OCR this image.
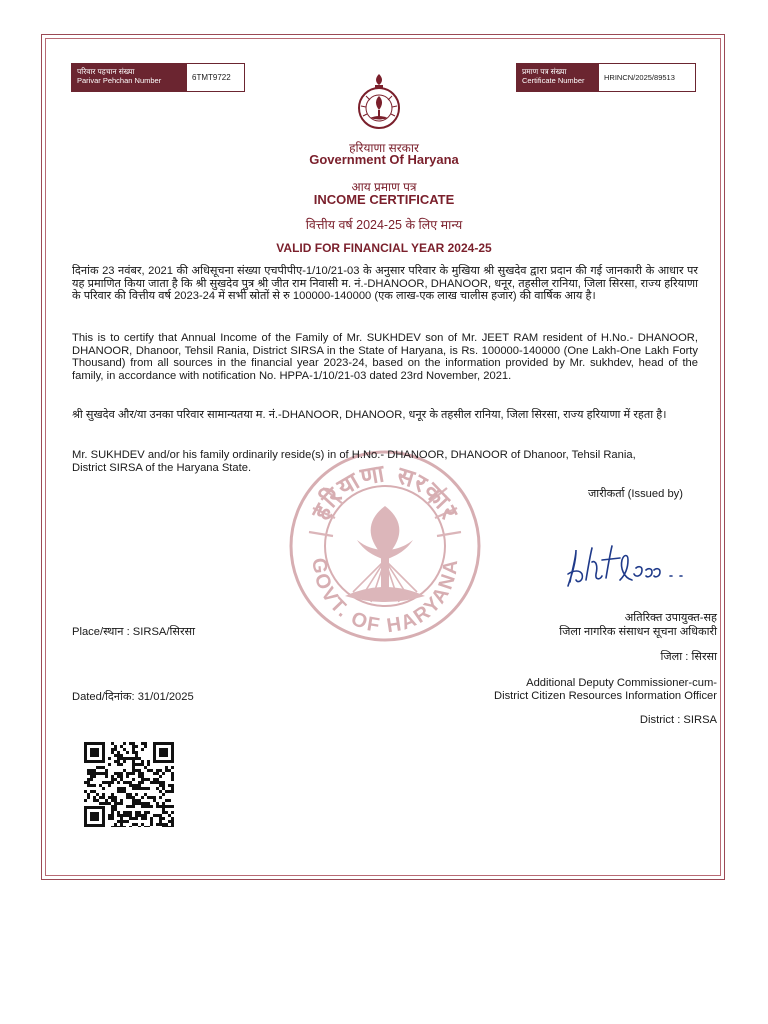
हरियाणा सरकार
GOVT. OF HARYANA
परिवार पहचान संख्या
Parivar Pehchan Number	6TMT9722
प्रमाण पत्र संख्या
Certificate Number	HRINCN/2025/89513
हरियाणा सरकार
Government Of Haryana
आय प्रमाण पत्र
INCOME CERTIFICATE
वित्तीय वर्ष 2024-25 के लिए मान्य
VALID FOR FINANCIAL YEAR 2024-25
दिनांक 23 नवंबर, 2021 की अधिसूचना संख्या एचपीपीए-1/10/21-03 के अनुसार परिवार के मुखिया श्री सुखदेव द्वारा प्रदान की गई जानकारी के आधार पर यह प्रमाणित किया जाता है कि श्री सुखदेव पुत्र श्री जीत राम निवासी म. नं.-DHANOOR, DHANOOR, धनूर, तहसील रानिया, जिला सिरसा, राज्य हरियाणा के परिवार की वित्तीय वर्ष 2023-24 में सभी स्रोतों से रु 100000-140000 (एक लाख-एक लाख चालीस हजार) की वार्षिक आय है।
This is to certify that Annual Income of the Family of Mr. SUKHDEV son of Mr. JEET RAM resident of H.No.- DHANOOR, DHANOOR, Dhanoor, Tehsil Rania, District SIRSA in the State of Haryana, is Rs. 100000-140000 (One Lakh-One Lakh Forty Thousand) from all sources in the financial year 2023-24, based on the information provided by Mr. sukhdev, head of the family, in accordance with notification No. HPPA-1/10/21-03 dated 23rd November, 2021.
श्री सुखदेव और/या उनका परिवार सामान्यतया म. नं.-DHANOOR, DHANOOR, धनूर के तहसील रानिया, जिला सिरसा, राज्य हरियाणा में रहता है।
Mr. SUKHDEV and/or his family ordinarily reside(s) in of H.No.- DHANOOR, DHANOOR of Dhanoor, Tehsil Rania, District SIRSA of the Haryana State.
जारीकर्ता (Issued by)
अतिरिक्त उपायुक्त-सह
जिला नागरिक संसाधन सूचना अधिकारी
जिला : सिरसा
Place/स्थान : SIRSA/सिरसा
Additional Deputy Commissioner-cum-
District Citizen Resources Information Officer
District : SIRSA
Dated/दिनांक: 31/01/2025
